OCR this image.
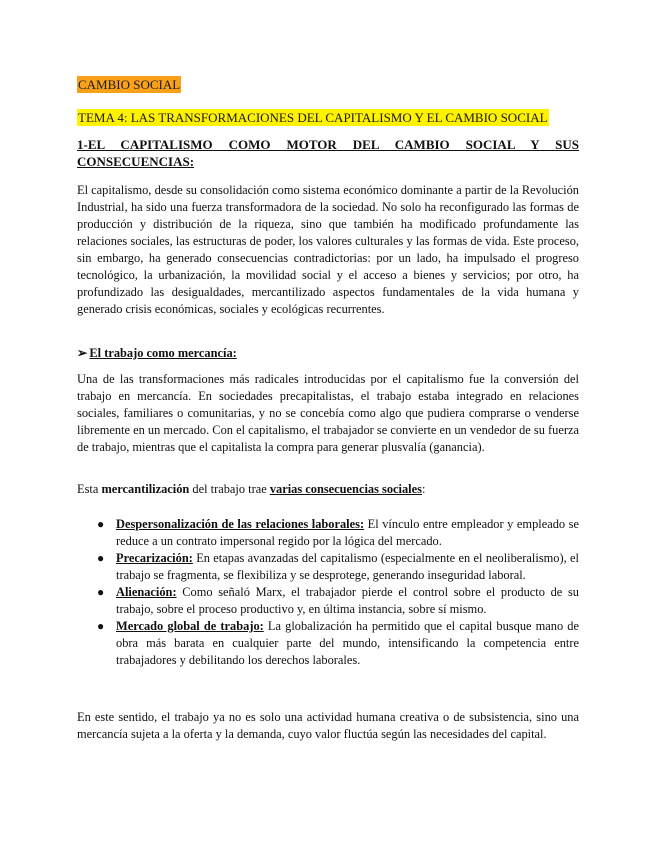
CAMBIO SOCIAL
TEMA 4: LAS TRANSFORMACIONES DEL CAPITALISMO Y EL CAMBIO SOCIAL
1-EL CAPITALISMO COMO MOTOR DEL CAMBIO SOCIAL Y SUS
CONSECUENCIAS:

El capitalismo, desde su consolidación como sistema económico dominante a partir de la Revolución Industrial, ha sido una fuerza transformadora de la sociedad. No solo ha reconfigurado las formas de producción y distribución de la riqueza, sino que también ha modificado profundamente las relaciones sociales, las estructuras de poder, los valores culturales y las formas de vida. Este proceso, sin embargo, ha generado consecuencias contradictorias: por un lado, ha impulsado el progreso tecnológico, la urbanización, la movilidad social y el acceso a bienes y servicios; por otro, ha profundizado las desigualdades, mercantilizado aspectos fundamentales de la vida humana y generado crisis económicas, sociales y ecológicas recurrentes.

➢ El trabajo como mercancía:

Una de las transformaciones más radicales introducidas por el capitalismo fue la conversión del trabajo en mercancía. En sociedades precapitalistas, el trabajo estaba integrado en relaciones sociales, familiares o comunitarias, y no se concebía como algo que pudiera comprarse o venderse libremente en un mercado. Con el capitalismo, el trabajador se convierte en un vendedor de su fuerza de trabajo, mientras que el capitalista la compra para generar plusvalía (ganancia).

Esta mercantilización del trabajo trae varias consecuencias sociales:

● Despersonalización de las relaciones laborales: El vínculo entre empleador y empleado se reduce a un contrato impersonal regido por la lógica del mercado.
● Precarización: En etapas avanzadas del capitalismo (especialmente en el neoliberalismo), el trabajo se fragmenta, se flexibiliza y se desprotege, generando inseguridad laboral.
● Alienación: Como señaló Marx, el trabajador pierde el control sobre el producto de su trabajo, sobre el proceso productivo y, en última instancia, sobre sí mismo.
● Mercado global de trabajo: La globalización ha permitido que el capital busque mano de obra más barata en cualquier parte del mundo, intensificando la competencia entre trabajadores y debilitando los derechos laborales.

En este sentido, el trabajo ya no es solo una actividad humana creativa o de subsistencia, sino una mercancía sujeta a la oferta y la demanda, cuyo valor fluctúa según las necesidades del capital.
